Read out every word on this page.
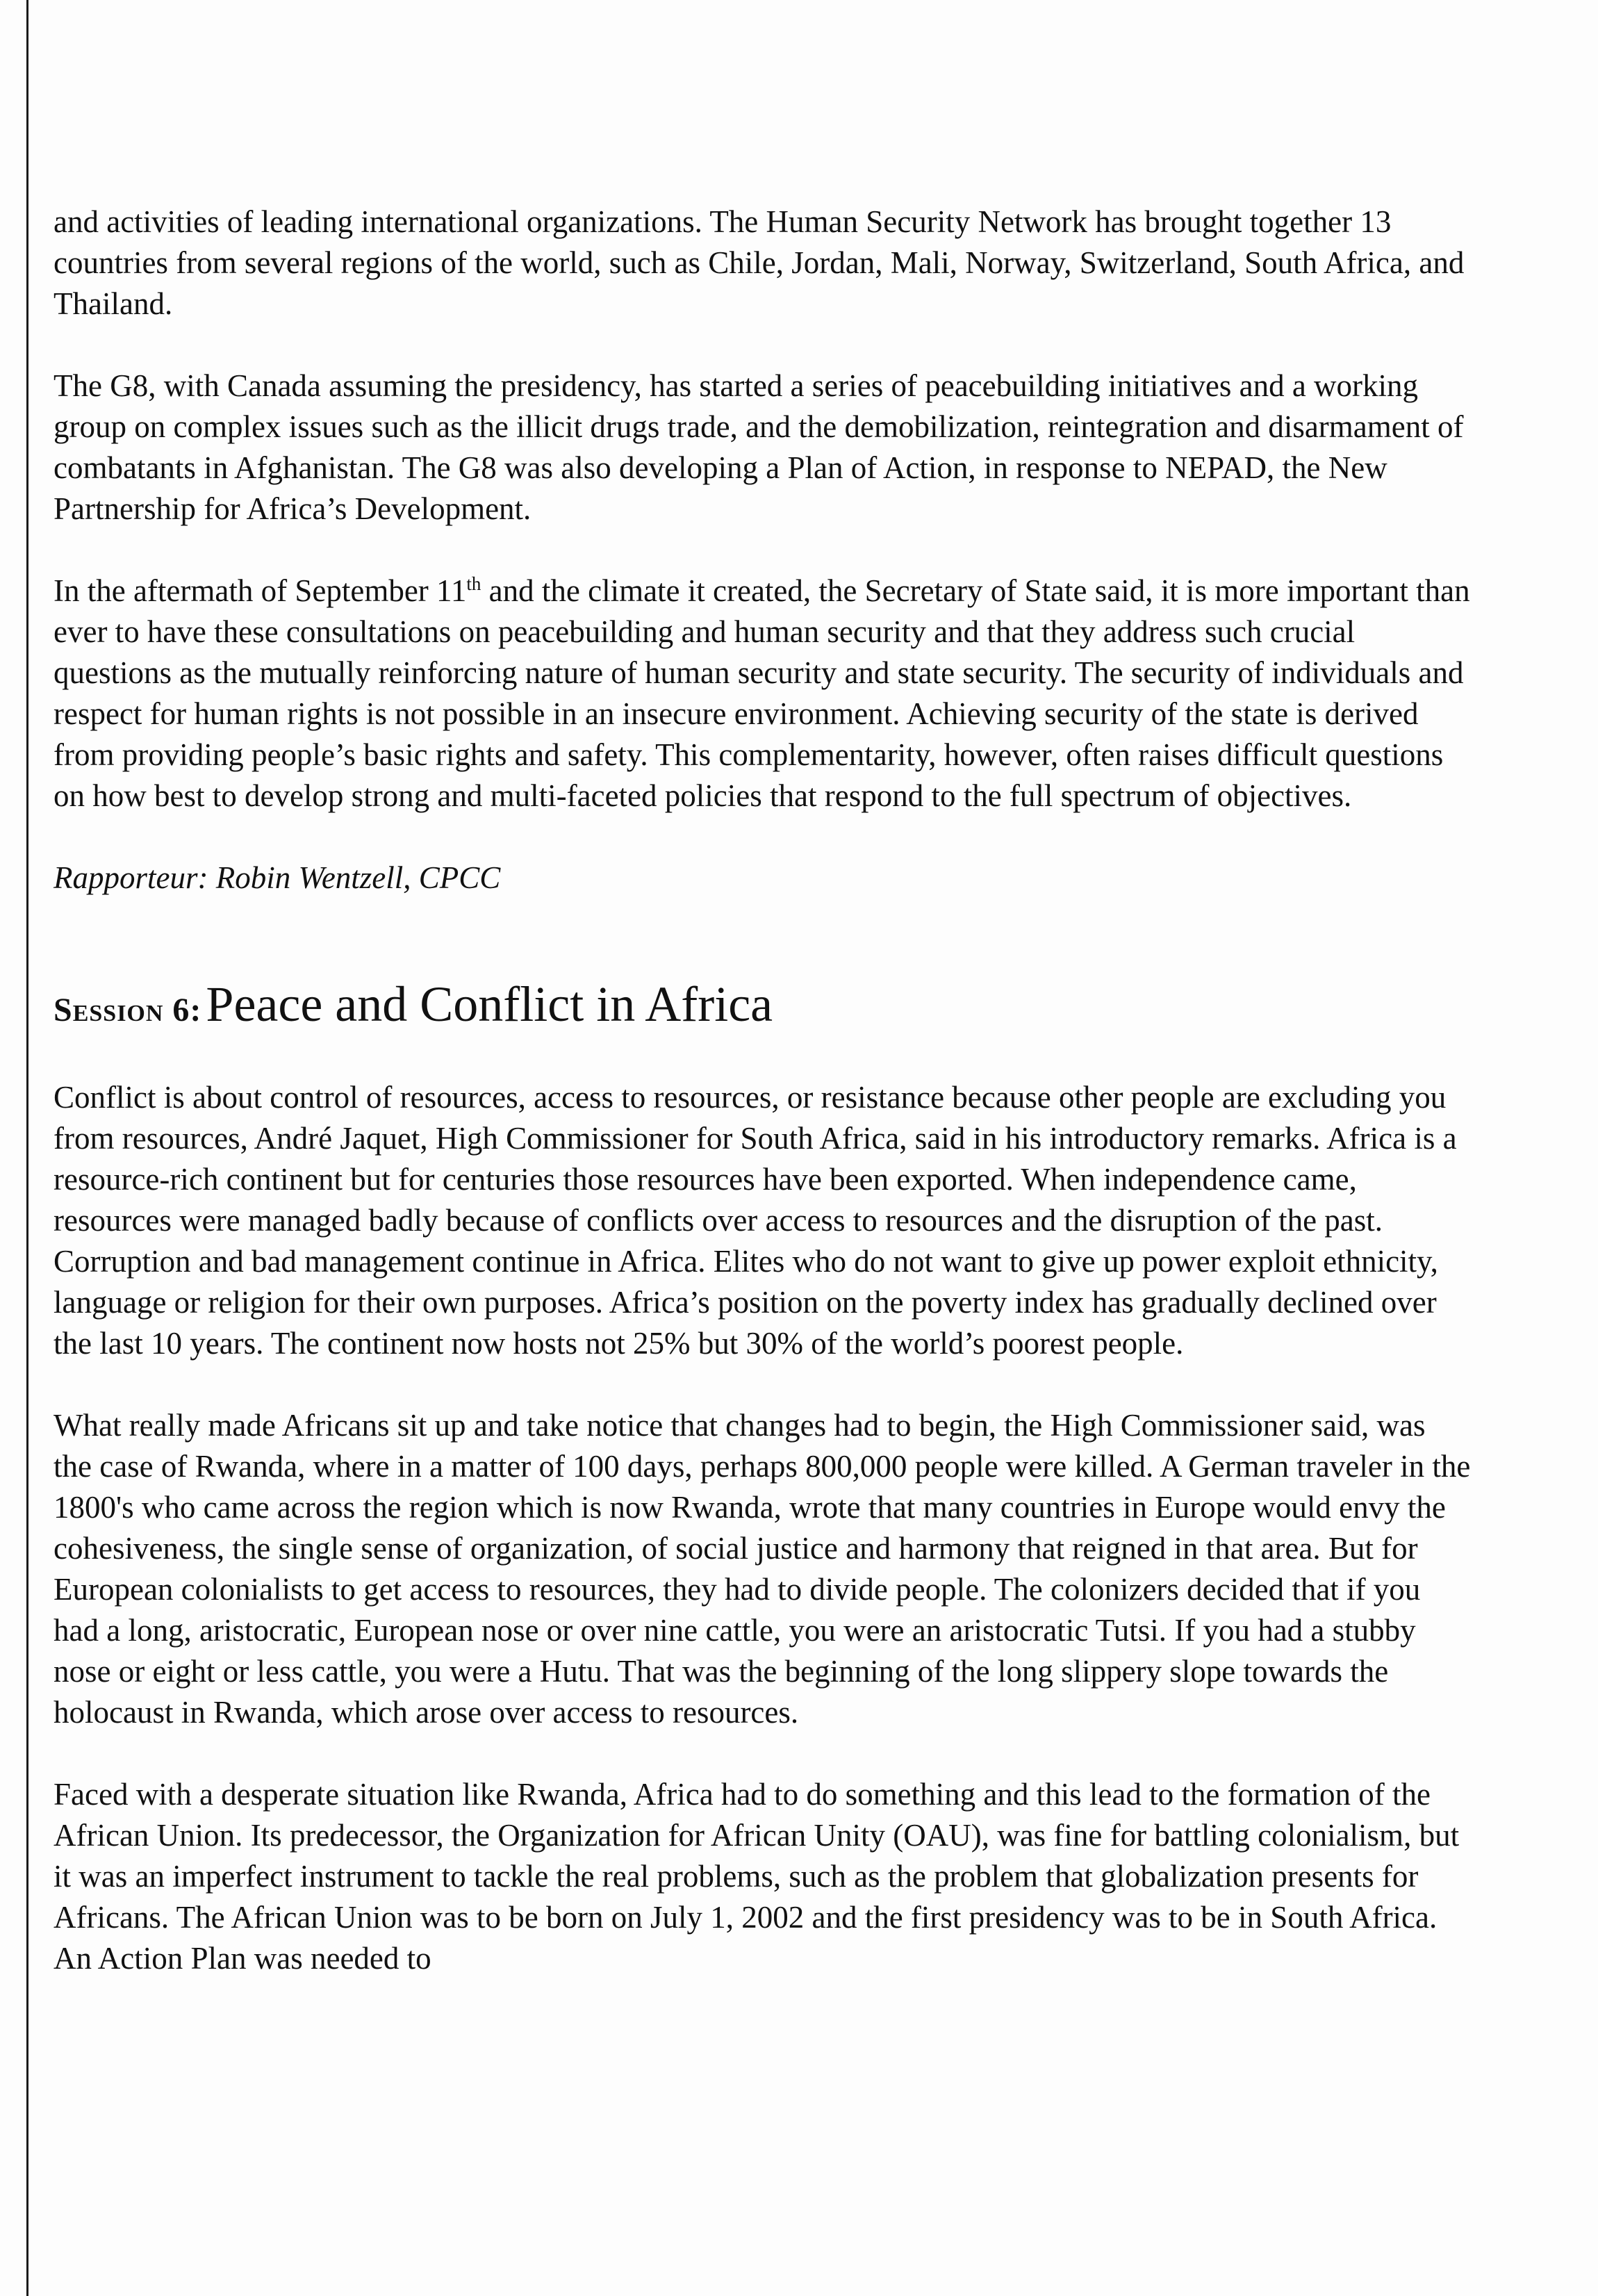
and activities of leading international organizations. The Human Security Network has brought together 13 countries from several regions of the world, such as Chile, Jordan, Mali, Norway, Switzerland, South Africa, and Thailand.

The G8, with Canada assuming the presidency, has started a series of peacebuilding initiatives and a working group on complex issues such as the illicit drugs trade, and the demobilization, reintegration and disarmament of combatants in Afghanistan. The G8 was also developing a Plan of Action, in response to NEPAD, the New Partnership for Africa’s Development.

In the aftermath of September 11th and the climate it created, the Secretary of State said, it is more important than ever to have these consultations on peacebuilding and human security and that they address such crucial questions as the mutually reinforcing nature of human security and state security. The security of individuals and respect for human rights is not possible in an insecure environment. Achieving security of the state is derived from providing people’s basic rights and safety. This complementarity, however, often raises difficult questions on how best to develop strong and multi-faceted policies that respond to the full spectrum of objectives.

Rapporteur: Robin Wentzell, CPCC

Session 6: Peace and Conflict in Africa

Conflict is about control of resources, access to resources, or resistance because other people are excluding you from resources, André Jaquet, High Commissioner for South Africa, said in his introductory remarks. Africa is a resource-rich continent but for centuries those resources have been exported. When independence came, resources were managed badly because of conflicts over access to resources and the disruption of the past. Corruption and bad management continue in Africa. Elites who do not want to give up power exploit ethnicity, language or religion for their own purposes. Africa’s position on the poverty index has gradually declined over the last 10 years. The continent now hosts not 25% but 30% of the world’s poorest people.

What really made Africans sit up and take notice that changes had to begin, the High Commissioner said, was the case of Rwanda, where in a matter of 100 days, perhaps 800,000 people were killed. A German traveler in the 1800's who came across the region which is now Rwanda, wrote that many countries in Europe would envy the cohesiveness, the single sense of organization, of social justice and harmony that reigned in that area. But for European colonialists to get access to resources, they had to divide people. The colonizers decided that if you had a long, aristocratic, European nose or over nine cattle, you were an aristocratic Tutsi. If you had a stubby nose or eight or less cattle, you were a Hutu. That was the beginning of the long slippery slope towards the holocaust in Rwanda, which arose over access to resources.

Faced with a desperate situation like Rwanda, Africa had to do something and this lead to the formation of the African Union. Its predecessor, the Organization for African Unity (OAU), was fine for battling colonialism, but it was an imperfect instrument to tackle the real problems, such as the problem that globalization presents for Africans. The African Union was to be born on July 1, 2002 and the first presidency was to be in South Africa. An Action Plan was needed to
